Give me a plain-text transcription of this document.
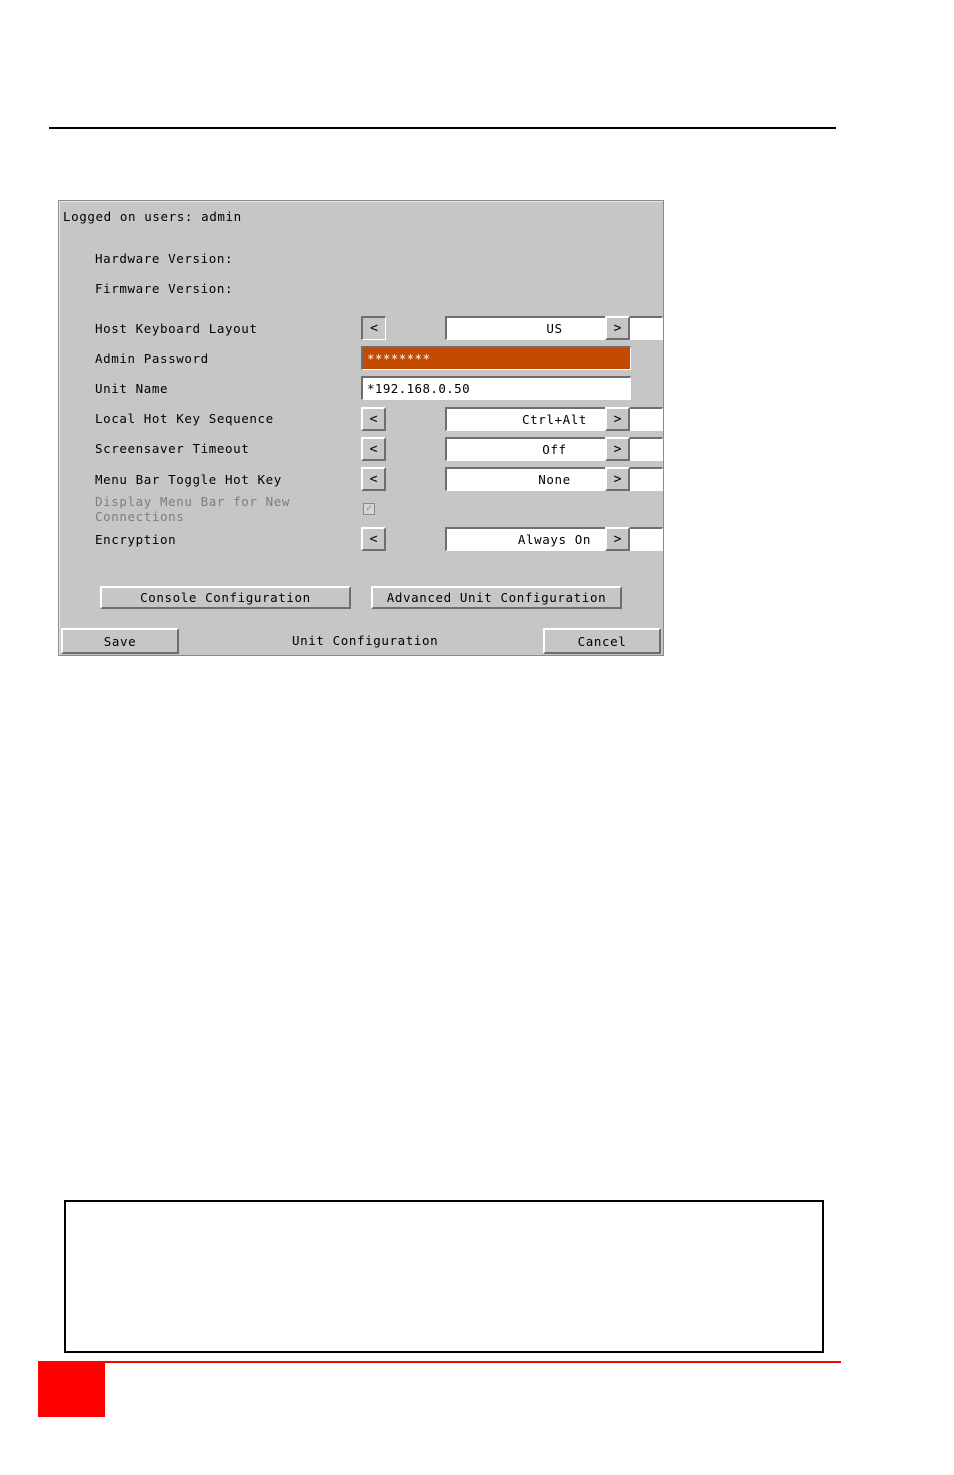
Logged on users: admin
Hardware Version:
Firmware Version:
Host Keyboard Layout	<	US	>
Admin Password	********
Unit Name	*192.168.0.50
Local Hot Key Sequence	<	Ctrl+Alt	>
Screensaver Timeout	<	Off	>
Menu Bar Toggle Hot Key	<	None	>
Display Menu Bar for New
Connections
✓
Encryption	<	Always On	>
Console Configuration	Advanced Unit Configuration
Save	Unit Configuration	Cancel
